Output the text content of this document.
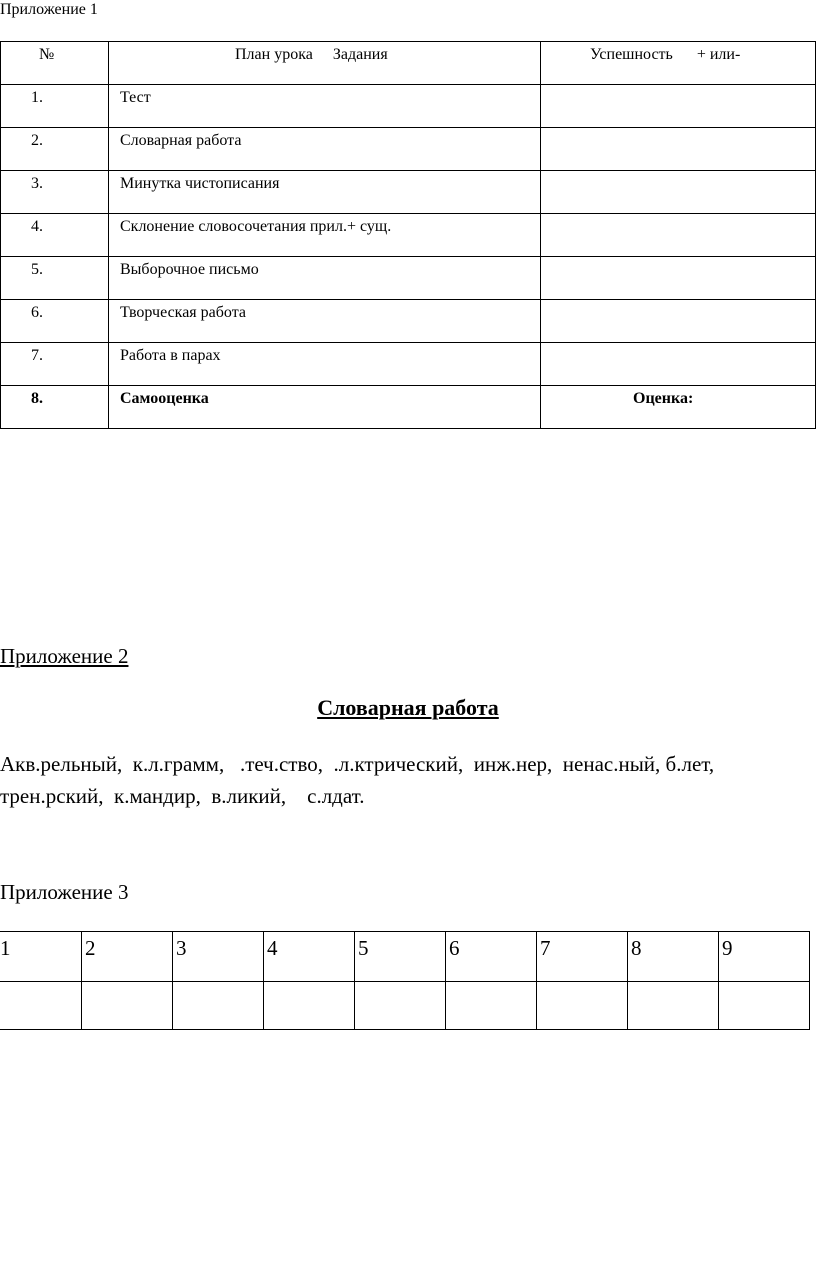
Приложение 1
№	План урока     Задания	Успешность      + или-

1.	Тест	

2.	Словарная работа	

3.	Минутка чистописания	

4.	Склонение словосочетания прил.+ сущ.	

5.	Выборочное письмо	

6.	Творческая работа	

7.	Работа в парах	

8.	Самооценка	Оценка:
Приложение 2
Словарная работа
Акв.рельный,  к.л.грамм,   .теч.ство,  .л.ктрический,  инж.нер,  ненас.ный, б.лет,
трен.рский,  к.мандир,  в.ликий,    с.лдат.
Приложение 3
1	2	3	4	5	6	7	8	9
